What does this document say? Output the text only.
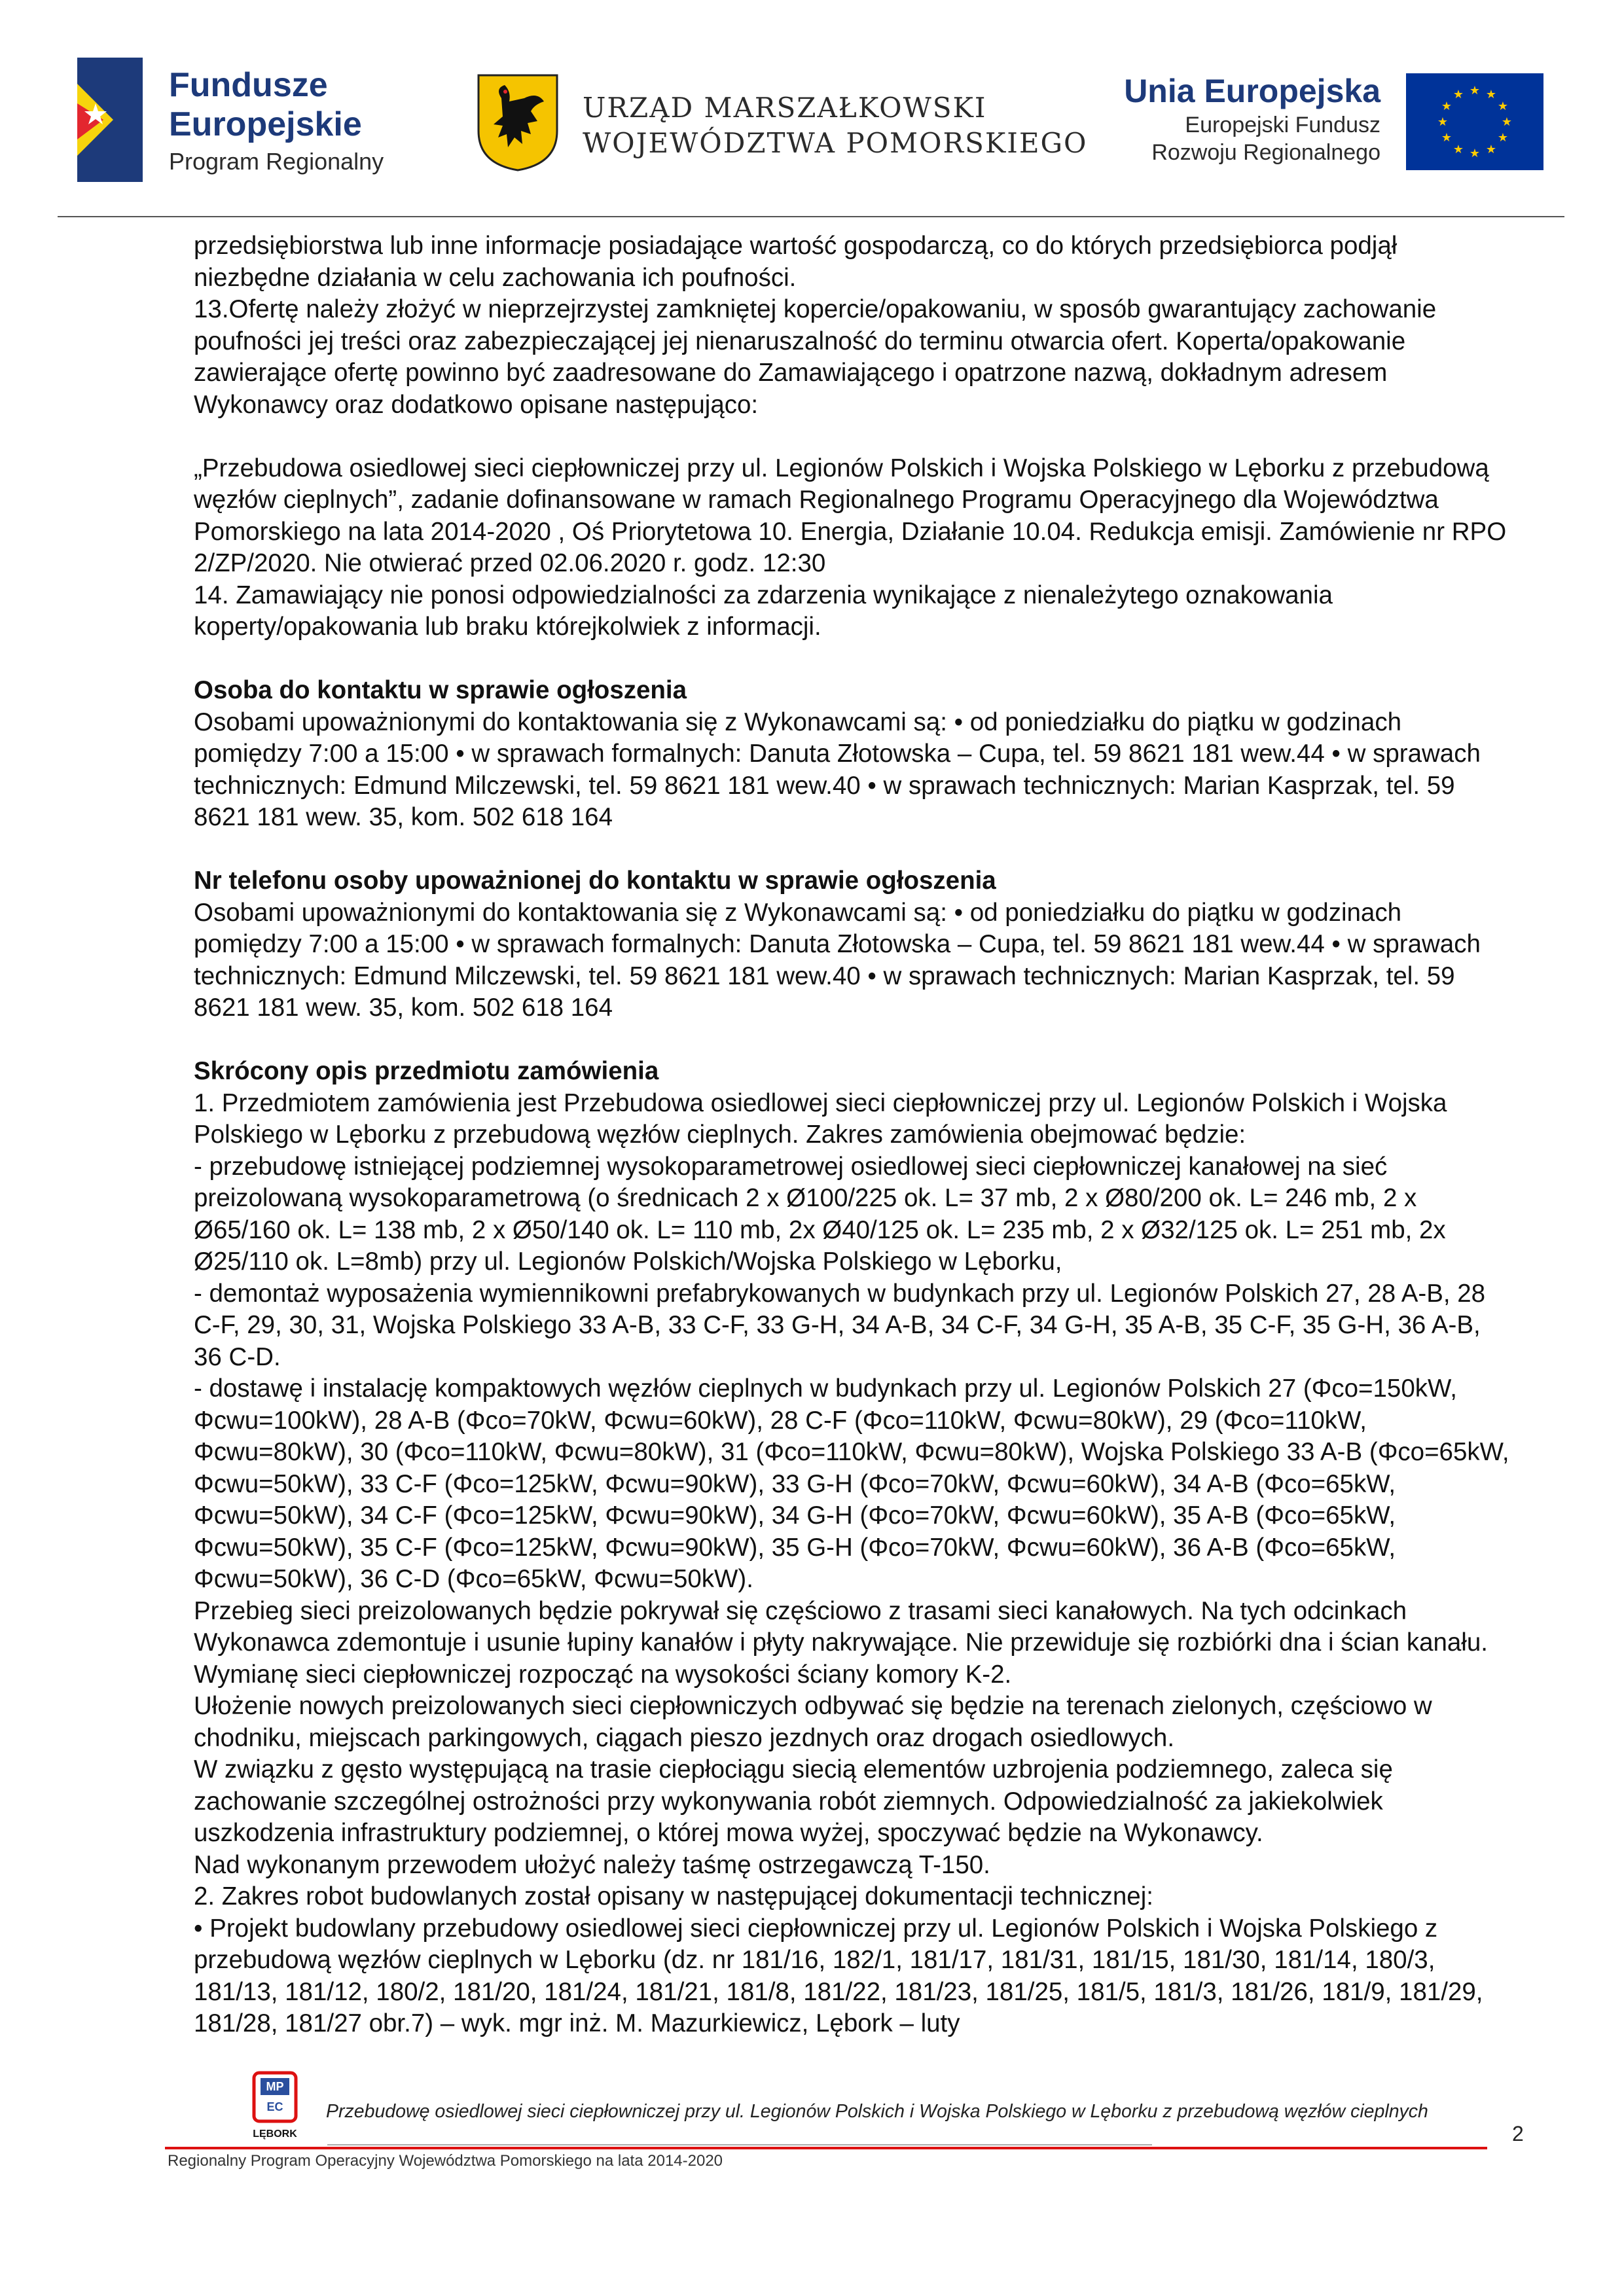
Fundusze
Europejskie
Program Regionalny
URZĄD MARSZAŁKOWSKI
WOJEWÓDZTWA POMORSKIEGO
Unia Europejska
Europejski Fundusz
Rozwoju Regionalnego
★ ★
★
★
★
★
★
★
★
★
★
★

przedsiębiorstwa lub inne informacje posiadające wartość gospodarczą, co do których przedsiębiorca podjął niezbędne działania w celu zachowania ich poufności.

13.Ofertę należy złożyć w nieprzejrzystej zamkniętej kopercie/opakowaniu, w sposób gwarantujący zachowanie poufności jej treści oraz zabezpieczającej jej nienaruszalność do terminu otwarcia ofert. Koperta/opakowanie zawierające ofertę powinno być zaadresowane do Zamawiającego i opatrzone nazwą, dokładnym adresem Wykonawcy oraz dodatkowo opisane następująco:

„Przebudowa osiedlowej sieci ciepłowniczej przy ul. Legionów Polskich i Wojska Polskiego w Lęborku z przebudową węzłów cieplnych”, zadanie dofinansowane w ramach Regionalnego Programu Operacyjnego dla Województwa Pomorskiego na lata 2014-2020 , Oś Priorytetowa 10. Energia, Działanie 10.04. Redukcja emisji. Zamówienie nr RPO 2/ZP/2020. Nie otwierać przed 02.06.2020 r. godz. 12:30

14. Zamawiający nie ponosi odpowiedzialności za zdarzenia wynikające z nienależytego oznakowania koperty/opakowania lub braku którejkolwiek z informacji.

Osoba do kontaktu w sprawie ogłoszenia

Osobami upoważnionymi do kontaktowania się z Wykonawcami są: • od poniedziałku do piątku w godzinach pomiędzy 7:00 a 15:00 • w sprawach formalnych: Danuta Złotowska – Cupa, tel. 59 8621 181 wew.44 • w sprawach technicznych: Edmund Milczewski, tel. 59 8621 181 wew.40 • w sprawach technicznych: Marian Kasprzak, tel. 59 8621 181 wew. 35, kom. 502 618 164

Nr telefonu osoby upoważnionej do kontaktu w sprawie ogłoszenia

Osobami upoważnionymi do kontaktowania się z Wykonawcami są: • od poniedziałku do piątku w godzinach pomiędzy 7:00 a 15:00 • w sprawach formalnych: Danuta Złotowska – Cupa, tel. 59 8621 181 wew.44 • w sprawach technicznych: Edmund Milczewski, tel. 59 8621 181 wew.40 • w sprawach technicznych: Marian Kasprzak, tel. 59 8621 181 wew. 35, kom. 502 618 164

Skrócony opis przedmiotu zamówienia

1. Przedmiotem zamówienia jest Przebudowa osiedlowej sieci ciepłowniczej przy ul. Legionów Polskich i Wojska Polskiego w Lęborku z przebudową węzłów cieplnych. Zakres zamówienia obejmować będzie:

- przebudowę istniejącej podziemnej wysokoparametrowej osiedlowej sieci ciepłowniczej kanałowej na sieć preizolowaną wysokoparametrową (o średnicach 2 x Ø100/225 ok. L= 37 mb, 2 x Ø80/200 ok. L= 246 mb, 2 x Ø65/160 ok. L= 138 mb, 2 x Ø50/140 ok. L= 110 mb, 2x Ø40/125 ok. L= 235 mb, 2 x Ø32/125 ok. L= 251 mb, 2x Ø25/110 ok. L=8mb) przy ul. Legionów Polskich/Wojska Polskiego w Lęborku,

- demontaż wyposażenia wymiennikowni prefabrykowanych w budynkach przy ul. Legionów Polskich 27, 28 A-B, 28 C-F, 29, 30, 31, Wojska Polskiego 33 A-B, 33 C-F, 33 G-H, 34 A-B, 34 C-F, 34 G-H, 35 A-B, 35 C-F, 35 G-H, 36 A-B, 36 C-D.

- dostawę i instalację kompaktowych węzłów cieplnych w budynkach przy ul. Legionów Polskich 27 (Φco=150kW, Φcwu=100kW), 28 A-B (Φco=70kW, Φcwu=60kW), 28 C-F (Φco=110kW, Φcwu=80kW), 29 (Φco=110kW, Φcwu=80kW), 30 (Φco=110kW, Φcwu=80kW), 31 (Φco=110kW, Φcwu=80kW), Wojska Polskiego 33 A-B (Φco=65kW, Φcwu=50kW), 33 C-F (Φco=125kW, Φcwu=90kW), 33 G-H (Φco=70kW, Φcwu=60kW), 34 A-B (Φco=65kW, Φcwu=50kW), 34 C-F (Φco=125kW, Φcwu=90kW), 34 G-H (Φco=70kW, Φcwu=60kW), 35 A-B (Φco=65kW, Φcwu=50kW), 35 C-F (Φco=125kW, Φcwu=90kW), 35 G-H (Φco=70kW, Φcwu=60kW), 36 A-B (Φco=65kW, Φcwu=50kW), 36 C-D (Φco=65kW, Φcwu=50kW).

Przebieg sieci preizolowanych będzie pokrywał się częściowo z trasami sieci kanałowych. Na tych odcinkach Wykonawca zdemontuje i usunie łupiny kanałów i płyty nakrywające. Nie przewiduje się rozbiórki dna i ścian kanału.

Wymianę sieci ciepłowniczej rozpocząć na wysokości ściany komory K-2.

Ułożenie nowych preizolowanych sieci ciepłowniczych odbywać się będzie na terenach zielonych, częściowo w chodniku, miejscach parkingowych, ciągach pieszo jezdnych oraz drogach osiedlowych.

W związku z gęsto występującą na trasie ciepłociągu siecią elementów uzbrojenia podziemnego, zaleca się zachowanie szczególnej ostrożności przy wykonywania robót ziemnych. Odpowiedzialność za jakiekolwiek uszkodzenia infrastruktury podziemnej, o której mowa wyżej, spoczywać będzie na Wykonawcy.

Nad wykonanym przewodem ułożyć należy taśmę ostrzegawczą T-150.

2. Zakres robot budowlanych został opisany w następującej dokumentacji technicznej:

• Projekt budowlany przebudowy osiedlowej sieci ciepłowniczej przy ul. Legionów Polskich i Wojska Polskiego z przebudową węzłów cieplnych w Lęborku (dz. nr 181/16, 182/1, 181/17, 181/31, 181/15, 181/30, 181/14, 180/3, 181/13, 181/12, 180/2, 181/20, 181/24, 181/21, 181/8, 181/22, 181/23, 181/25, 181/5, 181/3, 181/26, 181/9, 181/29, 181/28, 181/27 obr.7) – wyk. mgr inż. M. Mazurkiewicz, Lębork – luty

MP
EC
LĘBORK
Przebudowę osiedlowej sieci ciepłowniczej przy ul. Legionów Polskich i Wojska Polskiego w Lęborku z przebudową węzłów cieplnych
2
Regionalny Program Operacyjny Województwa Pomorskiego na lata 2014-2020
